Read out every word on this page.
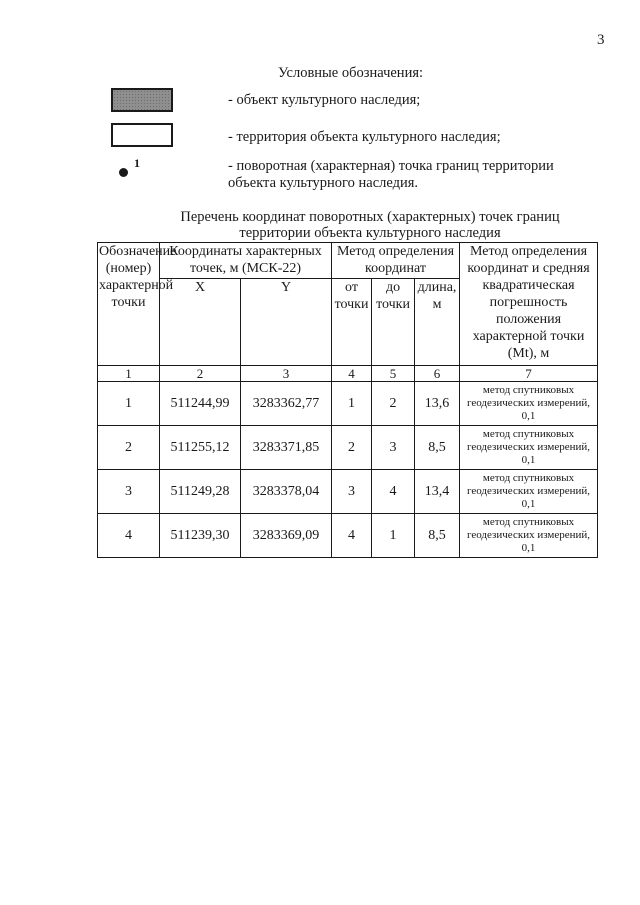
3
Условные обозначения:
- объект культурного наследия;
- территория объекта культурного наследия;
1	- поворотная (характерная) точка границ территории объекта культурного наследия.
Перечень координат поворотных (характерных) точек границ территории объекта культурного наследия
Обозначение (номер) характерной точки	Координаты характерных точек, м (МСК-22)		Метод определения координат			Метод определения координат и средняя квадратическая погрешность положения характерной точки (Mt), м
	X	Y	от точки	до точки	длина, м	
1	2	3	4	5	6	7
1	511244,99	3283362,77	1	2	13,6	метод спутниковых геодезических измерений, 0,1
2	511255,12	3283371,85	2	3	8,5	метод спутниковых геодезических измерений, 0,1
3	511249,28	3283378,04	3	4	13,4	метод спутниковых геодезических измерений, 0,1
4	511239,30	3283369,09	4	1	8,5	метод спутниковых геодезических измерений, 0,1
